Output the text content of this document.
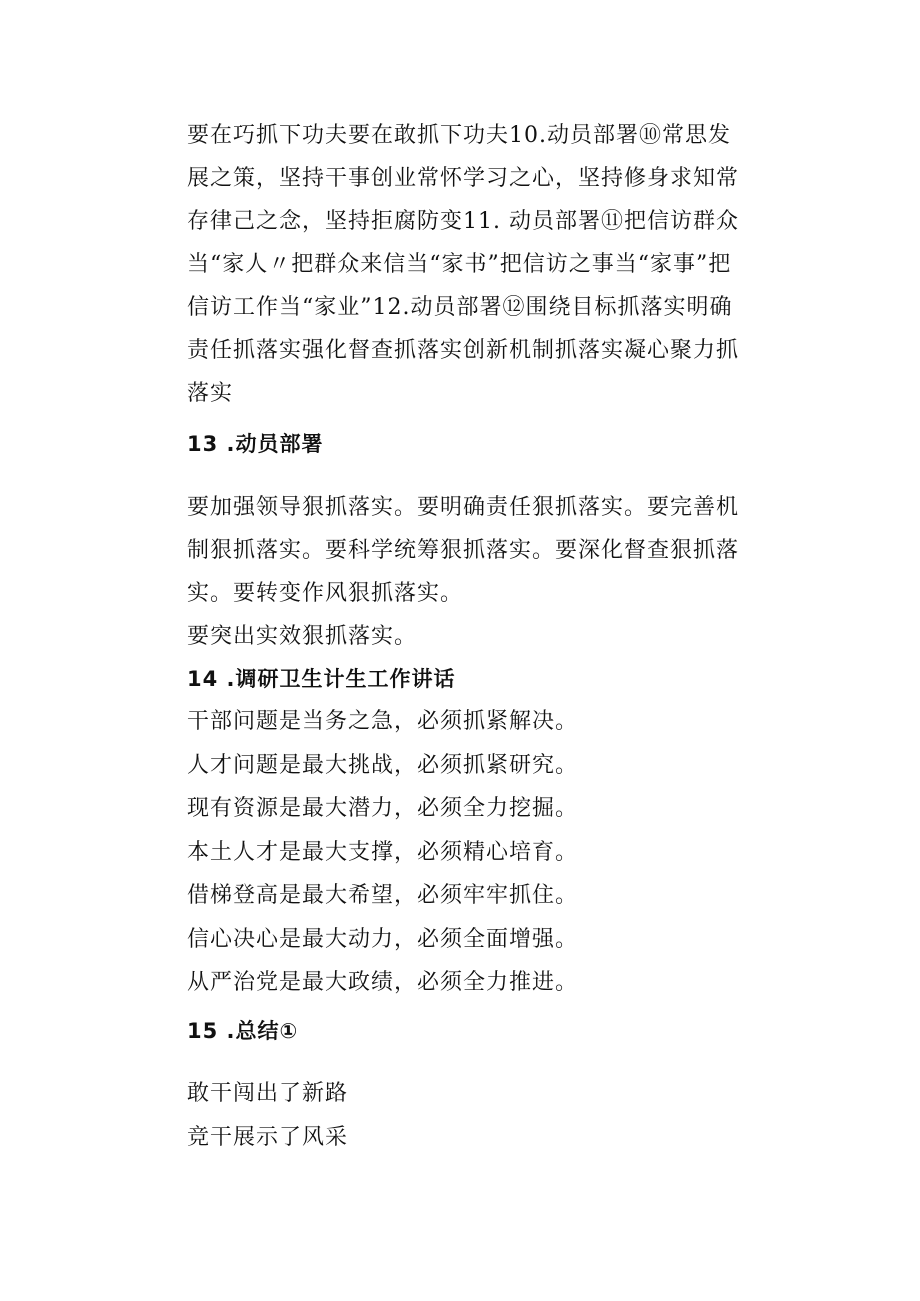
要在巧抓下功夫要在敢抓下功夫10.动员部署⑩常思发展之策，坚持干事创业常怀学习之心，坚持修身求知常存律己之念，坚持拒腐防变11. 动员部署⑪把信访群众当“家人〃把群众来信当“家书”把信访之事当“家事”把信访工作当“家业”12.动员部署⑫围绕目标抓落实明确责任抓落实强化督查抓落实创新机制抓落实凝心聚力抓落实

13 .动员部署

要加强领导狠抓落实。要明确责任狠抓落实。要完善机制狠抓落实。要科学统筹狠抓落实。要深化督查狠抓落实。要转变作风狠抓落实。

要突出实效狠抓落实。

14 .调研卫生计生工作讲话
干部问题是当务之急，必须抓紧解决。
人才问题是最大挑战，必须抓紧研究。
现有资源是最大潜力，必须全力挖掘。
本土人才是最大支撑，必须精心培育。
借梯登高是最大希望，必须牢牢抓住。
信心决心是最大动力，必须全面增强。
从严治党是最大政绩，必须全力推进。
15 .总结①
敢干闯出了新路
竞干展示了风采
